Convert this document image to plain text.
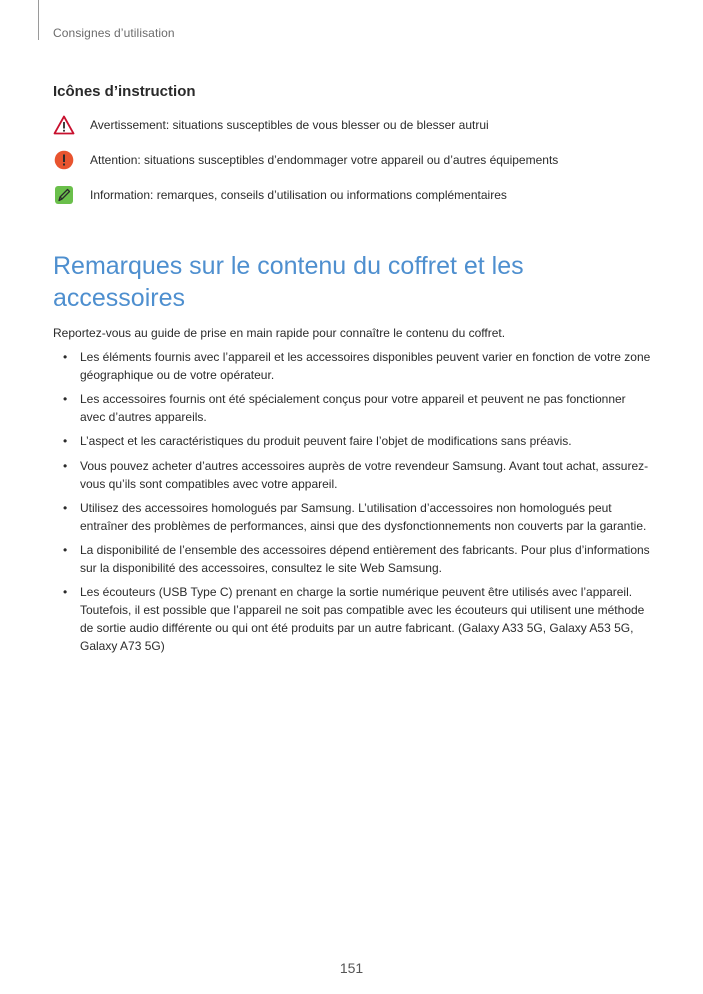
Consignes d’utilisation
Icônes d’instruction
Avertissement : situations susceptibles de vous blesser ou de blesser autrui
Attention : situations susceptibles d’endommager votre appareil ou d’autres équipements
Information : remarques, conseils d’utilisation ou informations complémentaires
Remarques sur le contenu du coffret et les accessoires
Reportez-vous au guide de prise en main rapide pour connaître le contenu du coffret.
• Les éléments fournis avec l’appareil et les accessoires disponibles peuvent varier en fonction de votre zone géographique ou de votre opérateur.
• Les accessoires fournis ont été spécialement conçus pour votre appareil et peuvent ne pas fonctionner avec d’autres appareils.
• L’aspect et les caractéristiques du produit peuvent faire l’objet de modifications sans préavis.
• Vous pouvez acheter d’autres accessoires auprès de votre revendeur Samsung. Avant tout achat, assurez-vous qu’ils sont compatibles avec votre appareil.
• Utilisez des accessoires homologués par Samsung. L’utilisation d’accessoires non homologués peut entraîner des problèmes de performances, ainsi que des dysfonctionnements non couverts par la garantie.
• La disponibilité de l’ensemble des accessoires dépend entièrement des fabricants. Pour plus d’informations sur la disponibilité des accessoires, consultez le site Web Samsung.
• Les écouteurs (USB Type C) prenant en charge la sortie numérique peuvent être utilisés avec l’appareil. Toutefois, il est possible que l’appareil ne soit pas compatible avec les écouteurs qui utilisent une méthode de sortie audio différente ou qui ont été produits par un autre fabricant. (Galaxy A33 5G, Galaxy A53 5G, Galaxy A73 5G)
151
